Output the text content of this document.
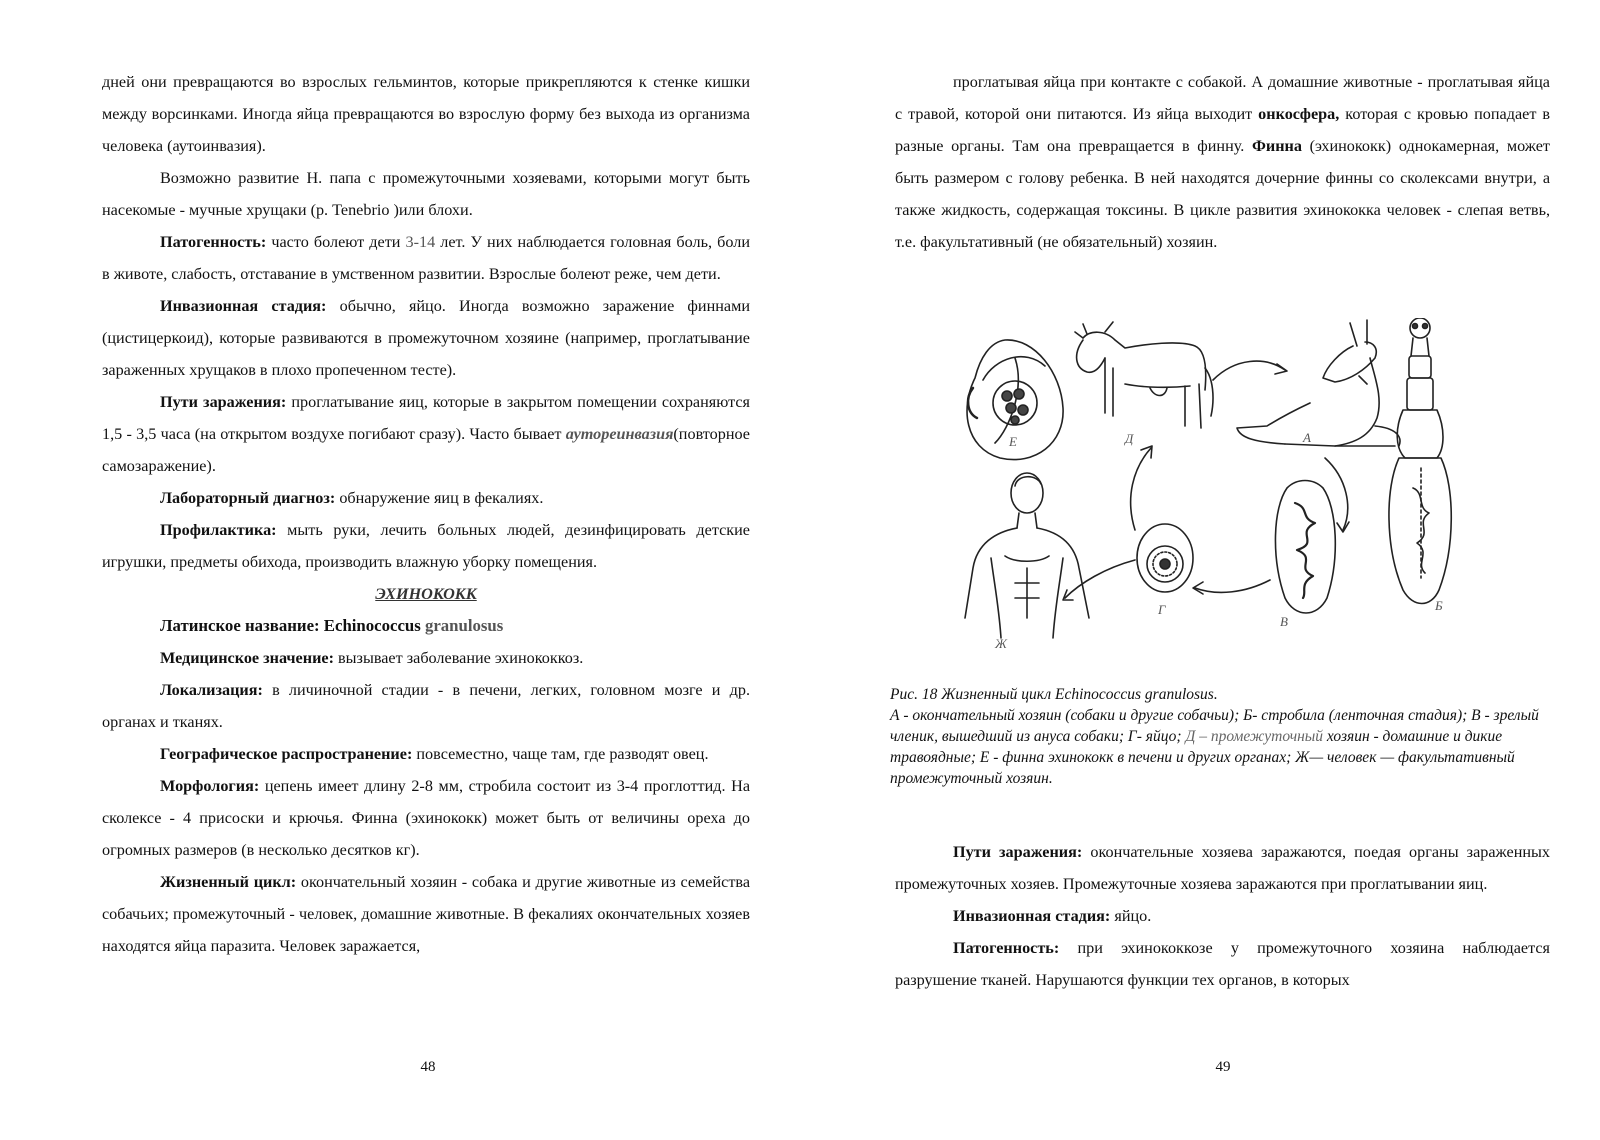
дней они превращаются во взрослых гельминтов, которые прикрепляются к стенке кишки между ворсинками. Иногда яйца превращаются во взрослую форму без выхода из организма человека (аутоинвазия).

Возможно развитие H. папа с промежуточными хозяевами, которыми могут быть насекомые - мучные хрущаки (р. Tenebrio )или блохи.

Патогенность: часто болеют дети 3-14 лет. У них наблюдается головная боль, боли в животе, слабость, отставание в умственном развитии. Взрослые болеют реже, чем дети.

Инвазионная стадия: обычно, яйцо. Иногда возможно заражение финнами (цистицеркоид), которые развиваются в промежуточном хозяине (например, проглатывание зараженных хрущаков в плохо пропеченном тесте).

Пути заражения: проглатывание яиц, которые в закрытом помещении сохраняются 1,5 - 3,5 часа (на открытом воздухе погибают сразу). Часто бывает аутореинвазия(повторное самозаражение).

Лабораторный диагноз: обнаружение яиц в фекалиях.

Профилактика: мыть руки, лечить больных людей, дезинфицировать детские игрушки, предметы обихода, производить влажную уборку помещения.

ЭХИНОКОКК

Латинское название: Echinococcus granulosus

Медицинское значение: вызывает заболевание эхинококкоз.

Локализация: в личиночной стадии - в печени, легких, головном мозге и др. органах и тканях.

Географическое распространение: повсеместно, чаще там, где разводят овец.

Морфология: цепень имеет длину 2-8 мм, стробила состоит из 3-4 проглоттид. На сколексе - 4 присоски и крючья. Финна (эхинококк) может быть от величины ореха до огромных размеров (в несколько десятков кг).

Жизненный цикл: окончательный хозяин - собака и другие животные из семейства собачьих; промежуточный - человек, домашние животные. В фекалиях окончательных хозяев находятся яйца паразита. Человек заражается,

48

проглатывая яйца при контакте с собакой. А домашние животные - проглатывая яйца с травой, которой они питаются. Из яйца выходит онкосфера, которая с кровью попадает в разные органы. Там она превращается в финну. Финна (эхинококк) однокамерная, может быть размером с голову ребенка. В ней находятся дочерние финны со сколексами внутри, а также жидкость, содержащая токсины. В цикле развития эхинококка человек - слепая ветвь, т.е. факультативный (не обязательный) хозяин.

49
Е	Д	А
Б
В
Г
Ж
Рис. 18 Жизненный цикл Echinococcus granulosus.
А - окончательный хозяин (собаки и другие собачьи); Б- стробила (ленточная стадия); В - зрелый членик, вышедший из ануса собаки; Г- яйцо; Д – промежуточный хозяин - домашние и дикие травоядные; Е - финна эхинококк в печени и других органах; Ж— человек — факультативный промежуточный хозяин.

Пути заражения: окончательные хозяева заражаются, поедая органы зараженных промежуточных хозяев. Промежуточные хозяева заражаются при проглатывании яиц.

Инвазионная стадия: яйцо.

Патогенность: при эхинококкозе у промежуточного хозяина наблюдается разрушение тканей. Нарушаются функции тех органов, в которых
